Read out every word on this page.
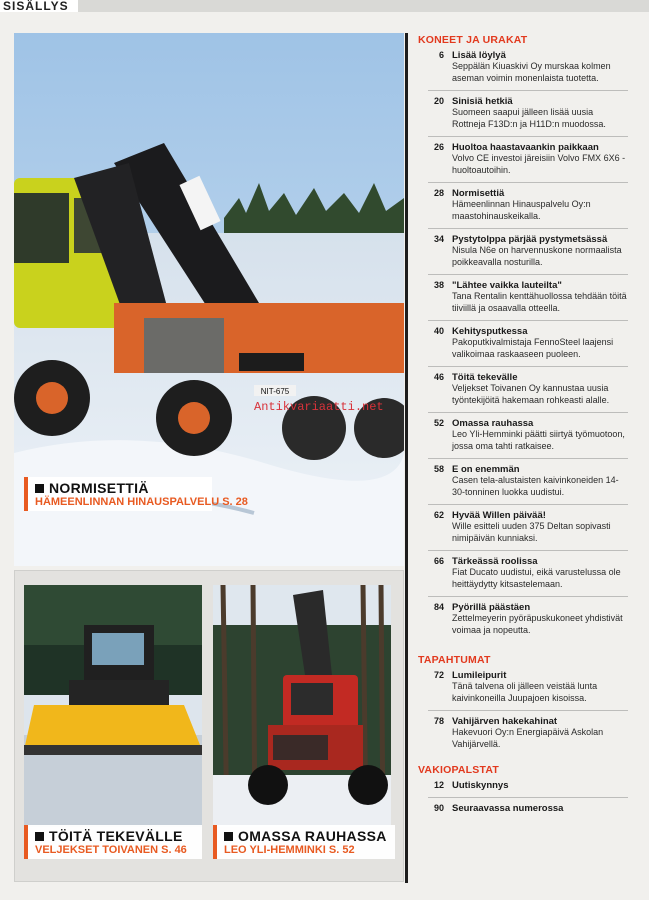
SISÄLLYS
NIT-675
Antikvariaatti.net
NORMISETTIÄ
HÄMEENLINNAN HINAUSPALVELU S. 28
TÖITÄ TEKEVÄLLE
VELJEKSET TOIVANEN S. 46
OMASSA RAUHASSA
LEO YLI-HEMMINKI S. 52
KONEET JA URAKAT
6 Lisää löylyä
Seppälän Kiuaskivi Oy murskaa kolmen aseman voimin monenlaista tuotetta.
20 Sinisiä hetkiä
Suomeen saapui jälleen lisää uusia Rottneja F13D:n ja H11D:n muodossa.
26 Huoltoa haastavaankin paikkaan
Volvo CE investoi järeisiin Volvo FMX 6X6 -huoltoautoihin.
28 Normisettiä
Hämeenlinnan Hinauspalvelu Oy:n maastohinauskeikalla.
34 Pystytolppa pärjää pystymetsässä
Nisula N6e on harvennuskone normaalista poikkeavalla nosturilla.
38 "Lähtee vaikka lauteilta"
Tana Rentalin kenttähuollossa tehdään töitä tiiviillä ja osaavalla otteella.
40 Kehitysputkessa
Pakoputkivalmistaja FennoSteel laajensi valikoimaa raskaaseen puoleen.
46 Töitä tekevälle
Veljekset Toivanen Oy kannustaa uusia työntekijöitä hakemaan rohkeasti alalle.
52 Omassa rauhassa
Leo Yli-Hemminki päätti siirtyä työmuotoon, jossa oma tahti ratkaisee.
58 E on enemmän
Casen tela-alustaisten kaivinkoneiden 14-30-tonninen luokka uudistui.
62 Hyvää Willen päivää!
Wille esitteli uuden 375 Deltan sopivasti nimipäivän kunniaksi.
66 Tärkeässä roolissa
Fiat Ducato uudistui, eikä varustelussa ole heittäydytty kitsastelemaan.
84 Pyörillä päästäen
Zettelmeyerin pyöräpuskukoneet yhdistivät voimaa ja nopeutta.
TAPAHTUMAT
72 Lumileipurit
Tänä talvena oli jälleen veistää lunta kaivinkoneilla Juupajoen kisoissa.
78 Vahijärven hakekahinat
Hakevuori Oy:n Energiapäivä Askolan Vahijärvellä.
VAKIOPALSTAT
12 Uutiskynnys
90 Seuraavassa numerossa
